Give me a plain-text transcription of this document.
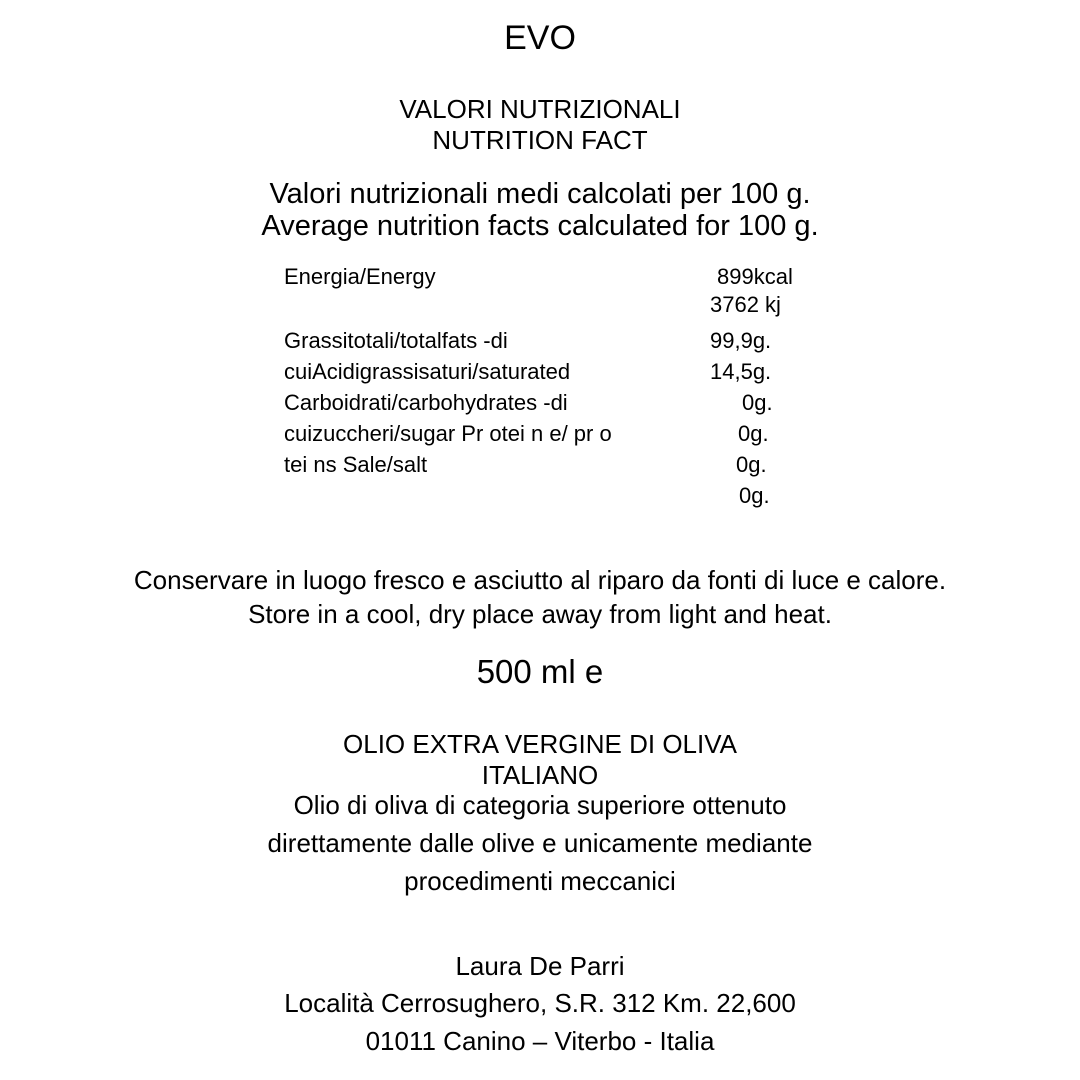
EVO
VALORI NUTRIZIONALI
NUTRITION FACT
Valori nutrizionali medi calcolati per 100 g.
Average nutrition facts calculated for 100 g.
Energia/Energy	899kcal
3762 kj
Grassitotali/totalfats -di
cuiAcidigrassisaturi/saturated
Carboidrati/carbohydrates -di
cuizuccheri/sugar Pr otei n e/ pr o
tei ns Sale/salt
99,9g.
14,5g.
0g.
0g.
0g.
0g.
Conservare in luogo fresco e asciutto al riparo da fonti di luce e calore.
Store in a cool, dry place away from light and heat.
500 ml e
OLIO EXTRA VERGINE DI OLIVA
ITALIANO
Olio di oliva di categoria superiore ottenuto
direttamente dalle olive e unicamente mediante
procedimenti meccanici
Laura De Parri
Località Cerrosughero, S.R. 312 Km. 22,600
01011 Canino – Viterbo - Italia
